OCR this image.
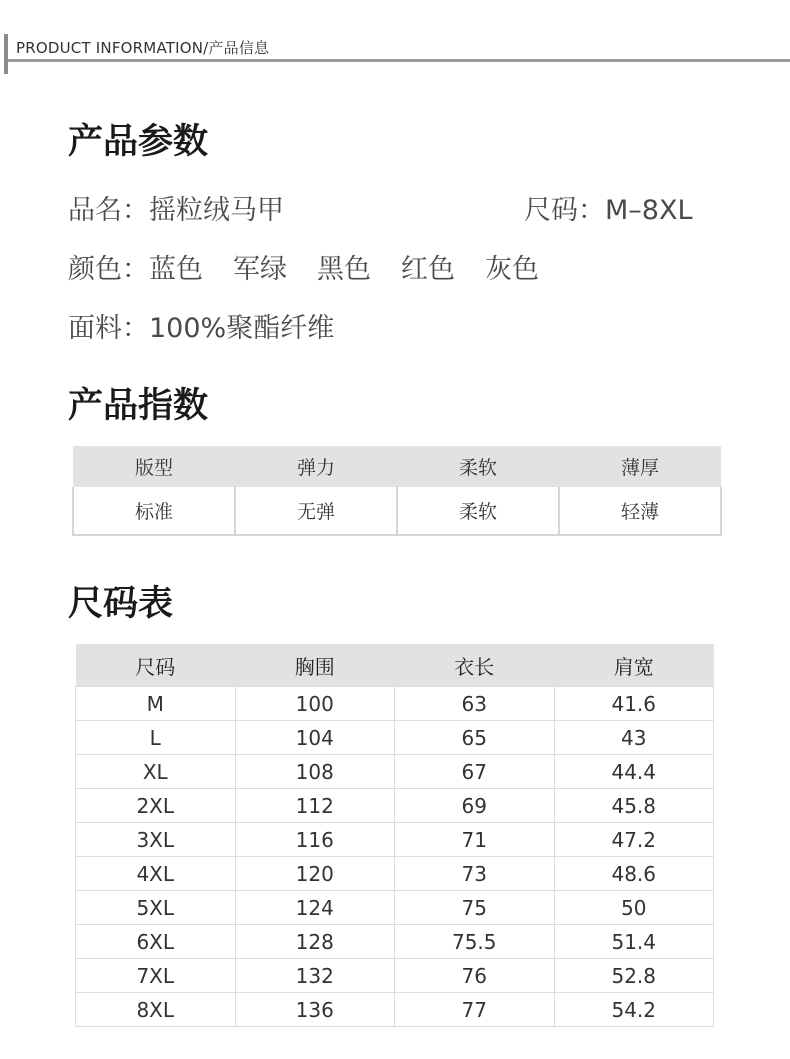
PRODUCT INFORMATION/产品信息
产品参数
品名：摇粒绒马甲	尺码：M–8XL
颜色：蓝色 军绿 黑色 红色 灰色
面料：100%聚酯纤维
产品指数
版型	弹力	柔软	薄厚
标准	无弹	柔软	轻薄
尺码表
尺码	胸围	衣长	肩宽
M	100	63	41.6
L	104	65	43
XL	108	67	44.4
2XL	112	69	45.8
3XL	116	71	47.2
4XL	120	73	48.6
5XL	124	75	50
6XL	128	75.5	51.4
7XL	132	76	52.8
8XL	136	77	54.2
